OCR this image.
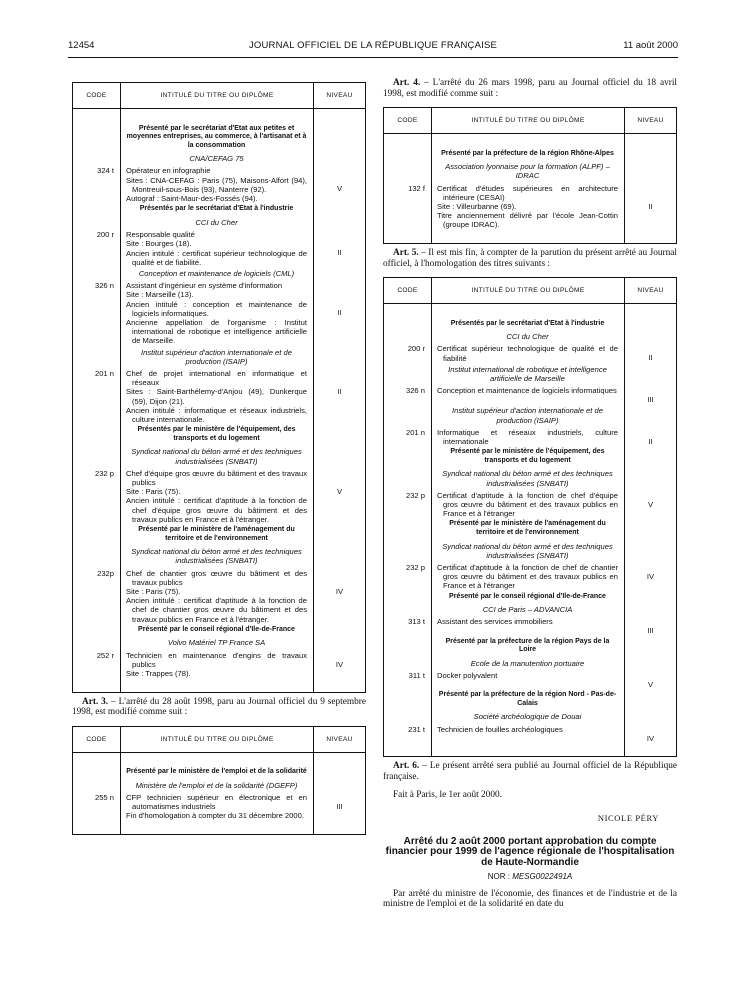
12454	JOURNAL OFFICIEL DE LA RÉPUBLIQUE FRANÇAISE	11 août 2000
CODE	INTITULÉ DU TITRE OU DIPLÔME	NIVEAU

	Présenté par le secrétariat d'Etat aux petites et moyennes entreprises, au commerce, à l'artisanat et à la consommation	

	CNA/CEFAG 75	

324 t	Opérateur en infographie
Sites : CNA-CEFAG : Paris (75), Maisons-Alfort (94), Montreuil-sous-Bois (93), Nanterre (92).
Autograf : Saint-Maur-des-Fossés (94).	V

	Présentés par le secrétariat d'Etat à l'industrie	

	CCI du Cher	

200 r	Responsable qualité
Site : Bourges (18).
Ancien intitulé : certificat supérieur technologique de qualité et de fiabilité.	II

	Conception et maintenance de logiciels (CML)	

326 n	Assistant d'ingénieur en système d'information
Site : Marseille (13).
Ancien intitulé : conception et maintenance de logiciels informatiques.
Ancienne appellation de l'organisme : Institut international de robotique et intelligence artificielle de Marseille.	II

	Institut supérieur d'action internationale et de production (ISAIP)	

201 n	Chef de projet international en informatique et réseaux
Sites : Saint-Barthélemy-d'Anjou (49), Dunkerque (59), Dijon (21).
Ancien intitulé : informatique et réseaux industriels, culture internationale.	II

	Présentés par le ministère de l'équipement, des transports et du logement	

	Syndicat national du béton armé et des techniques industrialisées (SNBATI)	

232 p	Chef d'équipe gros œuvre du bâtiment et des travaux publics
Site : Paris (75).
Ancien intitulé : certificat d'aptitude à la fonction de chef d'équipe gros œuvre du bâtiment et des travaux publics en France et à l'étranger.	V

	Présenté par le ministère de l'aménagement du territoire et de l'environnement	

	Syndicat national du béton armé et des techniques industrialisées (SNBATI)	

232p	Chef de chantier gros œuvre du bâtiment et des travaux publics
Site : Paris (75).
Ancien intitulé : certificat d'aptitude à la fonction de chef de chantier gros œuvre du bâtiment et des travaux publics en France et à l'étranger.	IV

	Présenté par le conseil régional d'Ile-de-France	

	Volvo Matériel TP France SA	

252 r	Technicien en maintenance d'engins de travaux publics
Site : Trappes (78).	IV

Art. 3. – L'arrêté du 28 août 1998, paru au Journal officiel du 9 septembre 1998, est modifié comme suit :

CODE	INTITULÉ DU TITRE OU DIPLÔME	NIVEAU

	Présenté par le ministère de l'emploi et de la solidarité	

	Ministère de l'emploi et de la solidarité (DGEFP)	

255 n	CFP technicien supérieur en électronique et en automatismes industriels
Fin d'homologation à compter du 31 décembre 2000.	III

Art. 4. – L'arrêté du 26 mars 1998, paru au Journal officiel du 18 avril 1998, est modifié comme suit :

CODE	INTITULÉ DU TITRE OU DIPLÔME	NIVEAU

	Présenté par la préfecture de la région Rhône-Alpes	

	Association lyonnaise pour la formation (ALPF) – IDRAC	

132 f	Certificat d'études supérieures en architecture intérieure (CESAI)
Site : Villeurbanne (69).
Titre anciennement délivré par l'école Jean-Cottin (groupe IDRAC).	II

Art. 5. – Il est mis fin, à compter de la parution du présent arrêté au Journal officiel, à l'homologation des titres suivants :

CODE	INTITULÉ DU TITRE OU DIPLÔME	NIVEAU

	Présentés par le secrétariat d'Etat à l'industrie	

	CCI du Cher	

200 r	Certificat supérieur technologique de qualité et de fiabilité	II

	Institut international de robotique et intelligence artificielle de Marseille	

326 n	Conception et maintenance de logiciels informatiques	III

	Institut supérieur d'action internationale et de production (ISAIP)	

201 n	Informatique et réseaux industriels, culture internationale	II

	Présenté par le ministère de l'équipement, des transports et du logement	

	Syndicat national du béton armé et des techniques industrialisées (SNBATI)	

232 p	Certificat d'aptitude à la fonction de chef d'équipe gros œuvre du bâtiment et des travaux publics en France et à l'étranger	V

	Présenté par le ministère de l'aménagement du territoire et de l'environnement	

	Syndicat national du béton armé et des techniques industrialisées (SNBATI)	

232 p	Certificat d'aptitude à la fonction de chef de chantier gros œuvre du bâtiment et des travaux publics en France et à l'étranger	IV

	Présenté par le conseil régional d'Ile-de-France	

	CCI de Paris – ADVANCIA	

313 t	Assistant des services immobiliers	III

	Présenté par la préfecture de la région Pays de la Loire	

	Ecole de la manutention portuaire	

311 t	Docker polyvalent	V

	Présenté par la préfecture de la région Nord - Pas-de-Calais	

	Société archéologique de Douai	

231 t	Technicien de fouilles archéologiques	IV

Art. 6. – Le présent arrêté sera publié au Journal officiel de la République française.

Fait à Paris, le 1er août 2000.

NICOLE PÉRY

Arrêté du 2 août 2000 portant approbation du compte financier pour 1999 de l'agence régionale de l'hospitalisation de Haute-Normandie

NOR : MESG0022491A

Par arrêté du ministre de l'économie, des finances et de l'industrie et de la ministre de l'emploi et de la solidarité en date du
